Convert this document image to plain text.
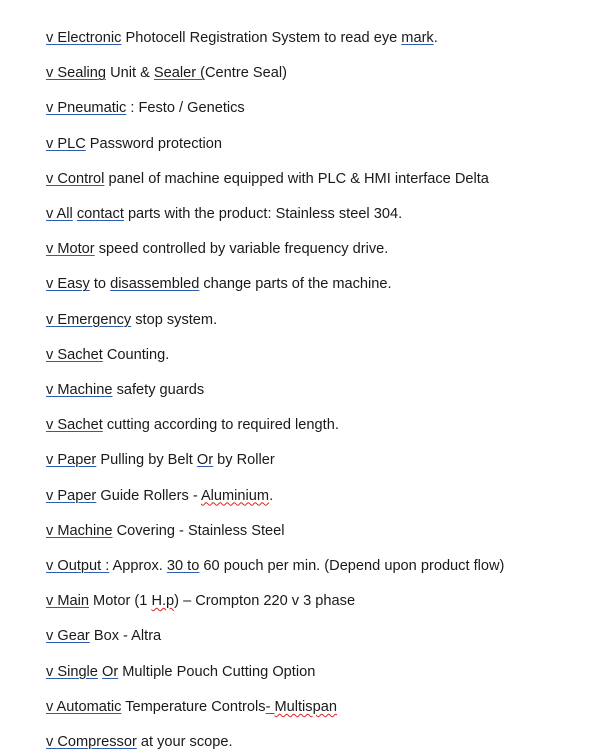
v Electronic Photocell Registration System to read eye mark.
v Sealing Unit & Sealer (Centre Seal)
v Pneumatic : Festo / Genetics
v PLC Password protection
v Control panel of machine equipped with PLC & HMI interface Delta
v All contact parts with the product: Stainless steel 304.
v Motor speed controlled by variable frequency drive.
v Easy to disassembled change parts of the machine.
v Emergency stop system.
v Sachet Counting.
v Machine safety guards
v Sachet cutting according to required length.
v Paper Pulling by Belt Or by Roller
v Paper Guide Rollers - Aluminium.
v Machine Covering - Stainless Steel
v Output : Approx. 30 to 60 pouch per min. (Depend upon product flow)
v Main Motor (1 H.p) – Crompton 220 v 3 phase
v Gear Box - Altra
v Single Or Multiple Pouch Cutting Option
v Automatic Temperature Controls- Multispan
v Compressor at your scope.
